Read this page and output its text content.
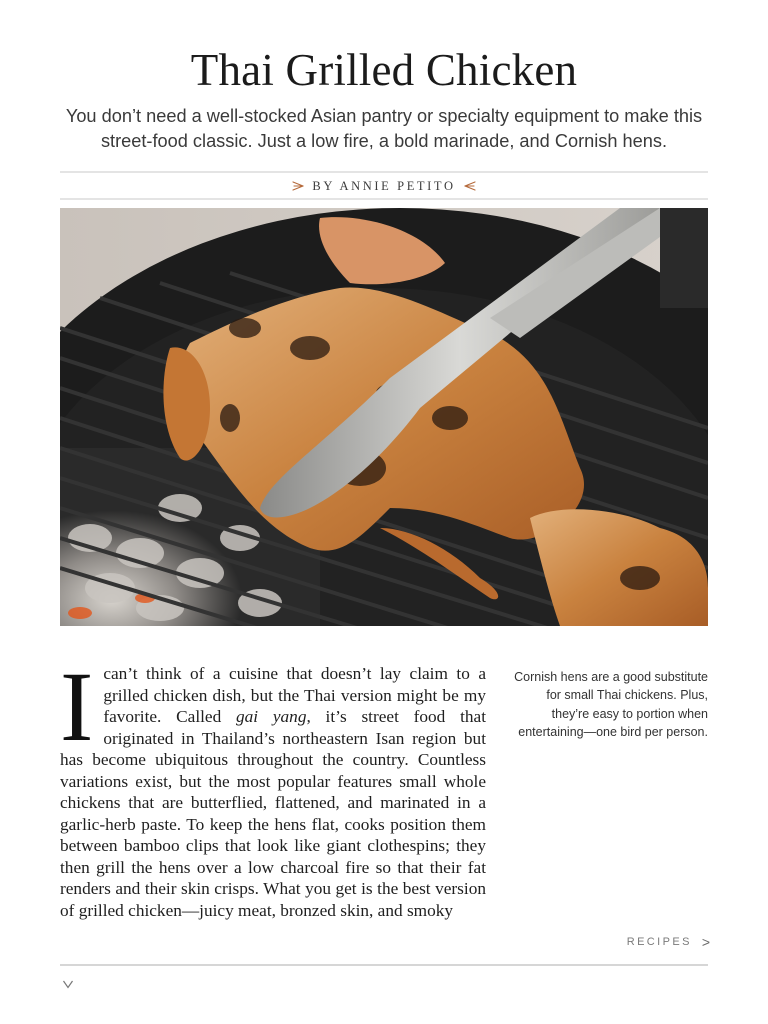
Thai Grilled Chicken

You don’t need a well-stocked Asian pantry or specialty equipment to make this street-food classic. Just a low fire, a bold marinade, and Cornish hens.

BY ANNIE PETITO
Ican’t think of a cuisine that doesn’t lay claim to a grilled chicken dish, but the Thai version might be my favorite. Called gai yang, it’s street food that originated in Thailand’s northeastern Isan region but has become ubiquitous throughout the country. Countless variations exist, but the most popular features small whole chickens that are butterflied, flattened, and marinated in a garlic-herb paste. To keep the hens flat, cooks position them between bamboo clips that look like giant clothespins; they then grill the hens over a low charcoal fire so that their fat renders and their skin crisps. What you get is the best version of grilled chicken—juicy meat, bronzed skin, and smoky

Cornish hens are a good substitute for small Thai chickens. Plus, they’re easy to portion when entertaining—one bird per person.

RECIPES >
